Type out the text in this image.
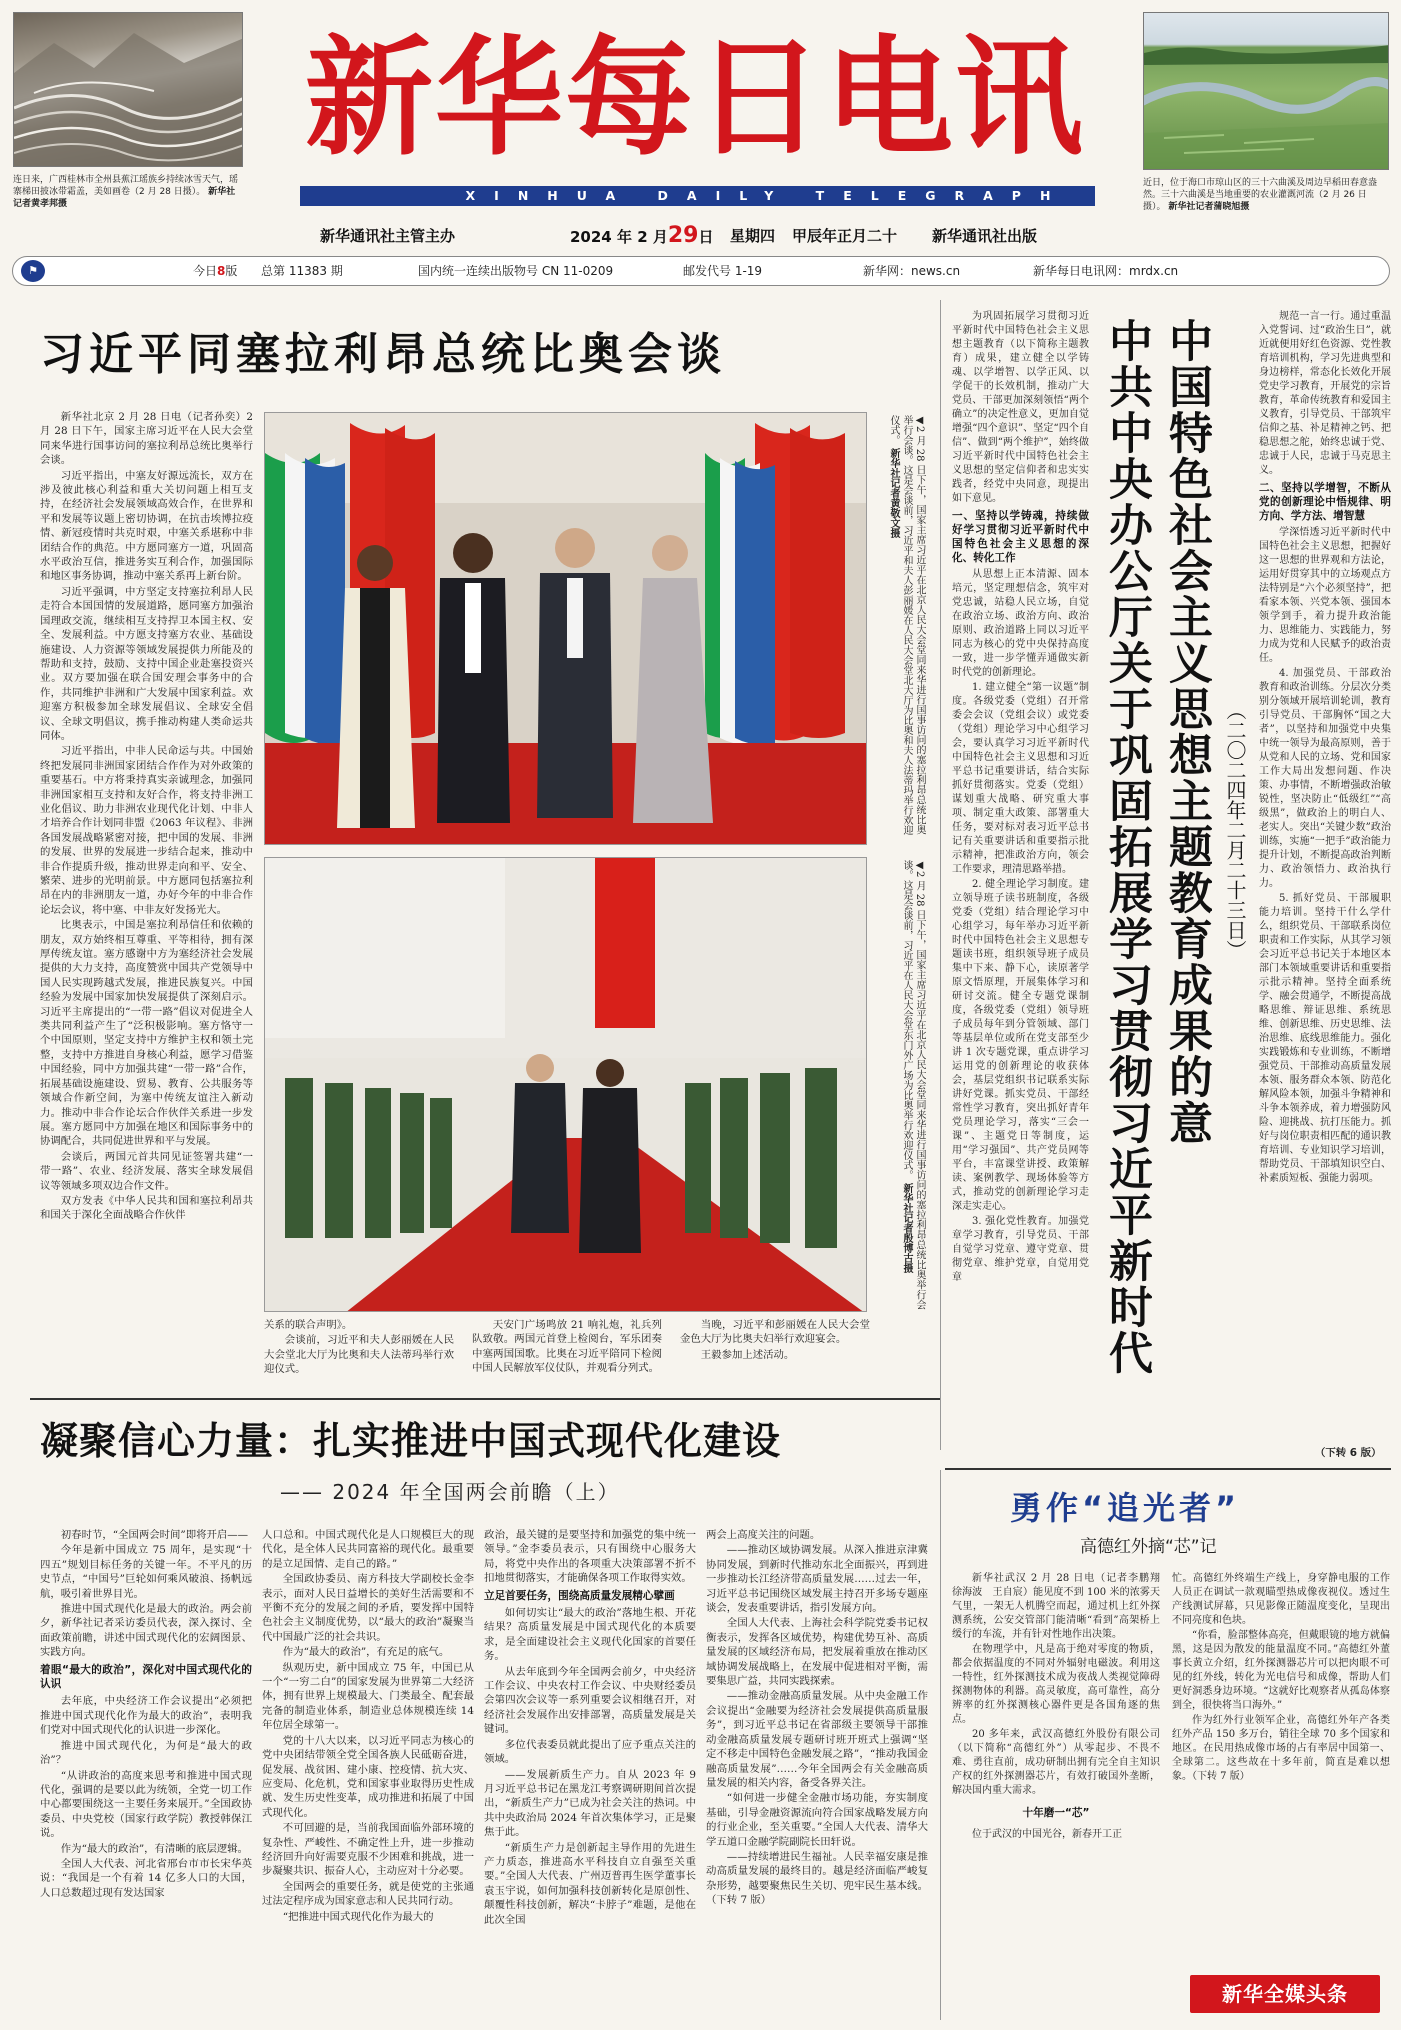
连日来，广西桂林市全州县蕉江瑶族乡持续冰雪天气，瑶寨梯田披冰带霜盖，美如画卷（2 月 28 日摄）。 新华社记者黄孝邦摄
新华每日电讯
XINHUA DAILY TELEGRAPH
近日，位于海口市琼山区的三十六曲溪及周边早稻田春意盎然。三十六曲溪是当地重要的农业灌溉河流（2 月 26 日摄）。 新华社记者蒲晓旭摄
新华通讯社主管主办	2024 年 2 月29日 星期四 甲辰年正月二十 新华通讯社出版
⚑	今日8版 总第 11383 期	国内统一连续出版物号 CN 11-0209	邮发代号 1-19	新华网：news.cn	新华每日电讯网：mrdx.cn
习近平同塞拉利昂总统比奥会谈

新华社北京 2 月 28 日电（记者孙奕）2 月 28 日下午，国家主席习近平在人民大会堂同来华进行国事访问的塞拉利昂总统比奥举行会谈。

习近平指出，中塞友好源远流长，双方在涉及彼此核心利益和重大关切问题上相互支持，在经济社会发展领域高效合作，在世界和平和发展等议题上密切协调，在抗击埃博拉疫情、新冠疫情时共克时艰，中塞关系堪称中非团结合作的典范。中方愿同塞方一道，巩固高水平政治互信，推进务实互利合作，加强国际和地区事务协调，推动中塞关系再上新台阶。

习近平强调，中方坚定支持塞拉利昂人民走符合本国国情的发展道路，愿同塞方加强治国理政交流，继续相互支持捍卫本国主权、安全、发展利益。中方愿支持塞方农业、基础设施建设、人力资源等领域发展提供力所能及的帮助和支持，鼓励、支持中国企业赴塞投资兴业。双方要加强在联合国安理会事务中的合作，共同维护非洲和广大发展中国家利益。欢迎塞方积极参加全球发展倡议、全球安全倡议、全球文明倡议，携手推动构建人类命运共同体。

习近平指出，中非人民命运与共。中国始终把发展同非洲国家团结合作作为对外政策的重要基石。中方将秉持真实亲诚理念，加强同非洲国家相互支持和友好合作，将支持非洲工业化倡议、助力非洲农业现代化计划、中非人才培养合作计划同非盟《2063 年议程》、非洲各国发展战略紧密对接，把中国的发展、非洲的发展、世界的发展进一步结合起来，推动中非合作提质升级，推动世界走向和平、安全、繁荣、进步的光明前景。中方愿同包括塞拉利昂在内的非洲朋友一道，办好今年的中非合作论坛会议，将中塞、中非友好发扬光大。

比奥表示，中国是塞拉利昂信任和依赖的朋友，双方始终相互尊重、平等相待，拥有深厚传统友谊。塞方感谢中方为塞经济社会发展提供的大力支持，高度赞赏中国共产党领导中国人民实现跨越式发展，推进民族复兴。中国经验为发展中国家加快发展提供了深刻启示。习近平主席提出的“一带一路”倡议对促进全人类共同利益产生了“泛积极影响。塞方恪守一个中国原则，坚定支持中方维护主权和领土完整，支持中方推进自身核心利益，愿学习借鉴中国经验，同中方加强共建“一带一路”合作，拓展基础设施建设、贸易、教育、公共服务等领域合作新空间，为塞中传统友谊注入新动力。推动中非合作论坛合作伙伴关系进一步发展。塞方愿同中方加强在地区和国际事务中的协调配合，共同促进世界和平与发展。

会谈后，两国元首共同见证签署共建“一带一路”、农业、经济发展、落实全球发展倡议等领域多项双边合作文件。

双方发表《中华人民共和国和塞拉利昂共和国关于深化全面战略合作伙伴

◀2 月 28 日下午，国家主席习近平在北京人民大会堂同来华进行国事访问的塞拉利昂总统比奥举行会谈。这是会谈前，习近平和夫人彭丽媛在人民大会堂北大厅为比奥和夫人法蒂玛举行欢迎仪式。 新华社记者黄敬文摄
◀2 月 28 日下午，国家主席习近平在北京人民大会堂同来华进行国事访问的塞拉利昂总统比奥举行会谈。这是会谈前，习近平在人民大会堂东门外广场为比奥举行欢迎仪式。 新华社记者殷博古摄

关系的联合声明》。

会谈前，习近平和夫人彭丽媛在人民大会堂北大厅为比奥和夫人法蒂玛举行欢迎仪式。

天安门广场鸣放 21 响礼炮，礼兵列队致敬。两国元首登上检阅台，军乐团奏中塞两国国歌。比奥在习近平陪同下检阅中国人民解放军仪仗队，并观看分列式。

当晚，习近平和彭丽媛在人民大会堂金色大厅为比奥夫妇举行欢迎宴会。

王毅参加上述活动。

为巩固拓展学习贯彻习近平新时代中国特色社会主义思想主题教育（以下简称主题教育）成果，建立健全以学铸魂、以学增智、以学正风、以学促干的长效机制，推动广大党员、干部更加深刻领悟“两个确立”的决定性意义，更加自觉增强“四个意识”、坚定“四个自信”、做到“两个维护”，始终做习近平新时代中国特色社会主义思想的坚定信仰者和忠实实践者，经党中央同意，现提出如下意见。

一、坚持以学铸魂，持续做好学习贯彻习近平新时代中国特色社会主义思想的深化、转化工作

从思想上正本清源、固本培元，坚定理想信念，筑牢对党忠诚，站稳人民立场，自觉在政治立场、政治方向、政治原则、政治道路上同以习近平同志为核心的党中央保持高度一致，进一步学懂弄通做实新时代党的创新理论。

1. 建立健全“第一议题”制度。各级党委（党组）召开常委会会议（党组会议）或党委（党组）理论学习中心组学习会，要认真学习习近平新时代中国特色社会主义思想和习近平总书记重要讲话，结合实际抓好贯彻落实。党委（党组）谋划重大战略、研究重大事项、制定重大政策、部署重大任务，要对标对表习近平总书记有关重要讲话和重要指示批示精神，把准政治方向，领会工作要求，理清思路举措。

2. 健全理论学习制度。建立领导班子读书班制度，各级党委（党组）结合理论学习中心组学习，每年举办习近平新时代中国特色社会主义思想专题读书班，组织领导班子成员集中下来、静下心，读原著学原文悟原理，开展集体学习和研讨交流。健全专题党课制度，各级党委（党组）领导班子成员每年到分管领域、部门等基层单位或所在党支部至少讲 1 次专题党课，重点讲学习运用党的创新理论的收获体会，基层党组织书记联系实际讲好党课。抓实党员、干部经常性学习教育，突出抓好青年党员理论学习，落实“三会一课”、主题党日等制度，运用“学习强国”、共产党员网等平台，丰富课堂讲授、政策解读、案例教学、现场体验等方式，推动党的创新理论学习走深走实走心。

3. 强化党性教育。加强党章学习教育，引导党员、干部自觉学习党章、遵守党章、贯彻党章、维护党章，自觉用党章	中共中央办公厅关于巩固拓展学习贯彻习近平新时代 中国特色社会主义思想主题教育成果的意
（二〇二四年二月二十三日）

规范一言一行。通过重温入党誓词、过“政治生日”，就近就便用好红色资源、党性教育培训机构，学习先进典型和身边榜样，常态化长效化开展党史学习教育，开展党的宗旨教育，革命传统教育和爱国主义教育，引导党员、干部筑牢信仰之基、补足精神之钙、把稳思想之舵，始终忠诚于党、忠诚于人民，忠诚于马克思主义。

二、坚持以学增智，不断从党的创新理论中悟规律、明方向、学方法、增智慧

学深悟透习近平新时代中国特色社会主义思想，把握好这一思想的世界观和方法论，运用好贯穿其中的立场观点方法特别是“六个必须坚持”，把看家本领、兴党本领、强国本领学到手，着力提升政治能力、思维能力、实践能力，努力成为党和人民赋予的政治责任。

4. 加强党员、干部政治教育和政治训练。分层次分类别分领域开展培训轮训，教育引导党员、干部胸怀“国之大者”，以坚持和加强党中央集中统一领导为最高原则，善于从党和人民的立场、党和国家工作大局出发想问题、作决策、办事情，不断增强政治敏锐性，坚决防止“低级红”“高级黑”，做政治上的明白人、老实人。突出“关键少数”政治训练，实施“一把手”政治能力提升计划，不断提高政治判断力、政治领悟力、政治执行力。

5. 抓好党员、干部履职能力培训。坚持干什么学什么，组织党员、干部联系岗位职责和工作实际，从其学习领会习近平总书记关于本地区本部门本领域重要讲话和重要指示批示精神。坚持全面系统学、融会贯通学，不断提高战略思维、辩证思维、系统思维、创新思维、历史思维、法治思维、底线思维能力。强化实践锻炼和专业训练，不断增强党员、干部推动高质量发展本领、服务群众本领、防范化解风险本领，加强斗争精神和斗争本领养成，着力增强防风险、迎挑战、抗打压能力。抓好与岗位职责相匹配的通识教育培训、专业知识学习培训，帮助党员、干部填知识空白、补素质短板、强能力弱项。

（下转 6 版）
凝聚信心力量：扎实推进中国式现代化建设
—— 2024 年全国两会前瞻（上）

初春时节，“全国两会时间”即将开启——

今年是新中国成立 75 周年，是实现“十四五”规划目标任务的关键一年。不平凡的历史节点，“中国号”巨轮如何乘风破浪、扬帆远航，吸引着世界目光。

推进中国式现代化是最大的政治。两会前夕，新华社记者采访委员代表，深入探讨、全面政策前瞻，讲述中国式现代化的宏阔图景、实践方向。

着眼“最大的政治”，深化对中国式现代化的认识

去年底，中央经济工作会议提出“必须把推进中国式现代化作为最大的政治”，表明我们党对中国式现代化的认识进一步深化。

推进中国式现代化，为何是“最大的政治”？

“从讲政治的高度来思考和推进中国式现代化，强调的是要以此为统领，全党一切工作中心都要围绕这一主要任务来展开。”全国政协委员、中央党校（国家行政学院）教授韩保江说。

作为“最大的政治”，有清晰的底层逻辑。

全国人大代表、河北省邢台市市长宋华英说：“我国是一个有着 14 亿多人口的大国，人口总数超过现有发达国家

人口总和。中国式现代化是人口规模巨大的现代化，是全体人民共同富裕的现代化。最重要的是立足国情、走自己的路。”

全国政协委员、南方科技大学副校长金李表示，面对人民日益增长的美好生活需要和不平衡不充分的发展之间的矛盾，要发挥中国特色社会主义制度优势，以“最大的政治”凝聚当代中国最广泛的社会共识。

作为“最大的政治”，有充足的底气。

纵观历史，新中国成立 75 年，中国已从一个“一穷二白”的国家发展为世界第二大经济体，拥有世界上规模最大、门类最全、配套最完备的制造业体系，制造业总体规模连续 14 年位居全球第一。

党的十八大以来，以习近平同志为核心的党中央团结带领全党全国各族人民砥砺奋进，促发展、战贫困、建小康、控疫情、抗大灾、应变局、化危机，党和国家事业取得历史性成就、发生历史性变革，成功推进和拓展了中国式现代化。

不可回避的是，当前我国面临外部环境的复杂性、严峻性、不确定性上升，进一步推动经济回升向好需要克服不少困难和挑战，进一步凝聚共识、振奋人心，主动应对十分必要。

全国两会的重要任务，就是使党的主张通过法定程序成为国家意志和人民共同行动。

“把推进中国式现代化作为最大的

政治，最关键的是要坚持和加强党的集中统一领导。”金李委员表示，只有围绕中心服务大局，将党中央作出的各项重大决策部署不折不扣地贯彻落实，才能确保各项工作取得实效。

立足首要任务，围绕高质量发展精心擘画

如何切实让“最大的政治”落地生根、开花结果？高质量发展是中国式现代化的本质要求，是全面建设社会主义现代化国家的首要任务。

从去年底到今年全国两会前夕，中央经济工作会议、中央农村工作会议、中央财经委员会第四次会议等一系列重要会议相继召开，对经济社会发展作出安排部署，高质量发展是关键词。

多位代表委员就此提出了应予重点关注的领域。

——发展新质生产力。自从 2023 年 9 月习近平总书记在黑龙江考察调研期间首次提出，“新质生产力”已成为社会关注的热词。中共中央政治局 2024 年首次集体学习，正是聚焦于此。

“新质生产力是创新起主导作用的先进生产力质态，推进高水平科技自立自强至关重要。”全国人大代表、广州迈普再生医学董事长袁玉宇说，如何加强科技创新转化是原创性、颠覆性科技创新，解决“卡脖子”难题，是他在此次全国

两会上高度关注的问题。

——推动区域协调发展。从深入推进京津冀协同发展，到新时代推动东北全面振兴，再到进一步推动长江经济带高质量发展……过去一年，习近平总书记围绕区域发展主持召开多场专题座谈会，发表重要讲话，指引发展方向。

全国人大代表、上海社会科学院党委书记权衡表示，发挥各区域优势，构建优势互补、高质量发展的区域经济布局，把发展着重放在推动区域协调发展战略上，在发展中促进相对平衡，需要集思广益，共同实践探索。

——推动金融高质量发展。从中央金融工作会议提出“金融要为经济社会发展提供高质量服务”，到习近平总书记在省部级主要领导干部推动金融高质量发展专题研讨班开班式上强调“坚定不移走中国特色金融发展之路”，“推动我国金融高质量发展”……今年全国两会有关金融高质量发展的相关内容，备受各界关注。

“如何进一步健全金融市场功能，夯实制度基础，引导金融资源流向符合国家战略发展方向的行业企业，至关重要。”全国人大代表、清华大学五道口金融学院副院长田轩说。

——持续增进民生福祉。人民幸福安康是推动高质量发展的最终目的。越是经济面临严峻复杂形势，越要聚焦民生关切、兜牢民生基本线。（下转 7 版）

勇作“追光者”
高德红外摘“芯”记

新华社武汉 2 月 28 日电（记者李鹏翔　徐海波　王自宸）能见度不到 100 米的浓雾天气里，一架无人机腾空而起，通过机上红外探测系统，公安交管部门能清晰“看到”高架桥上缓行的车流，并有针对性地作出决策。

在物理学中，凡是高于绝对零度的物质，都会依据温度的不同对外辐射电磁波。利用这一特性，红外探测技术成为夜战人类视觉障碍探测物体的利器。高灵敏度，高可靠性，高分辨率的红外探测核心器件更是各国角逐的焦点。

20 多年来，武汉高德红外股份有限公司（以下简称“高德红外”）从零起步、不畏不难、勇往直前，成功研制出拥有完全自主知识产权的红外探测器芯片，有效打破国外垄断，解决国内重大需求。

十年磨一“芯”

位于武汉的中国光谷，新春开工正

忙。高德红外终端生产线上，身穿静电服的工作人员正在调试一款观瞄型热成像夜视仪。透过生产线测试屏幕，只见影像正随温度变化，呈现出不同亮度和色块。

“你看，脸部整体高亮，但戴眼镜的地方就偏黑，这是因为散发的能量温度不同。”高德红外董事长黄立介绍，红外探测器芯片可以把肉眼不可见的红外线，转化为光电信号和成像，帮助人们更好洞悉身边环境。“这就好比观察者从孤岛体察到全，很快将当口海外。”

作为红外行业领军企业，高德红外年产各类红外产品 150 多万台，销往全球 70 多个国家和地区。在民用热成像市场的占有率居中国第一、全球第二。这些故在十多年前，简直是难以想象。（下转 7 版）

新华全媒头条
